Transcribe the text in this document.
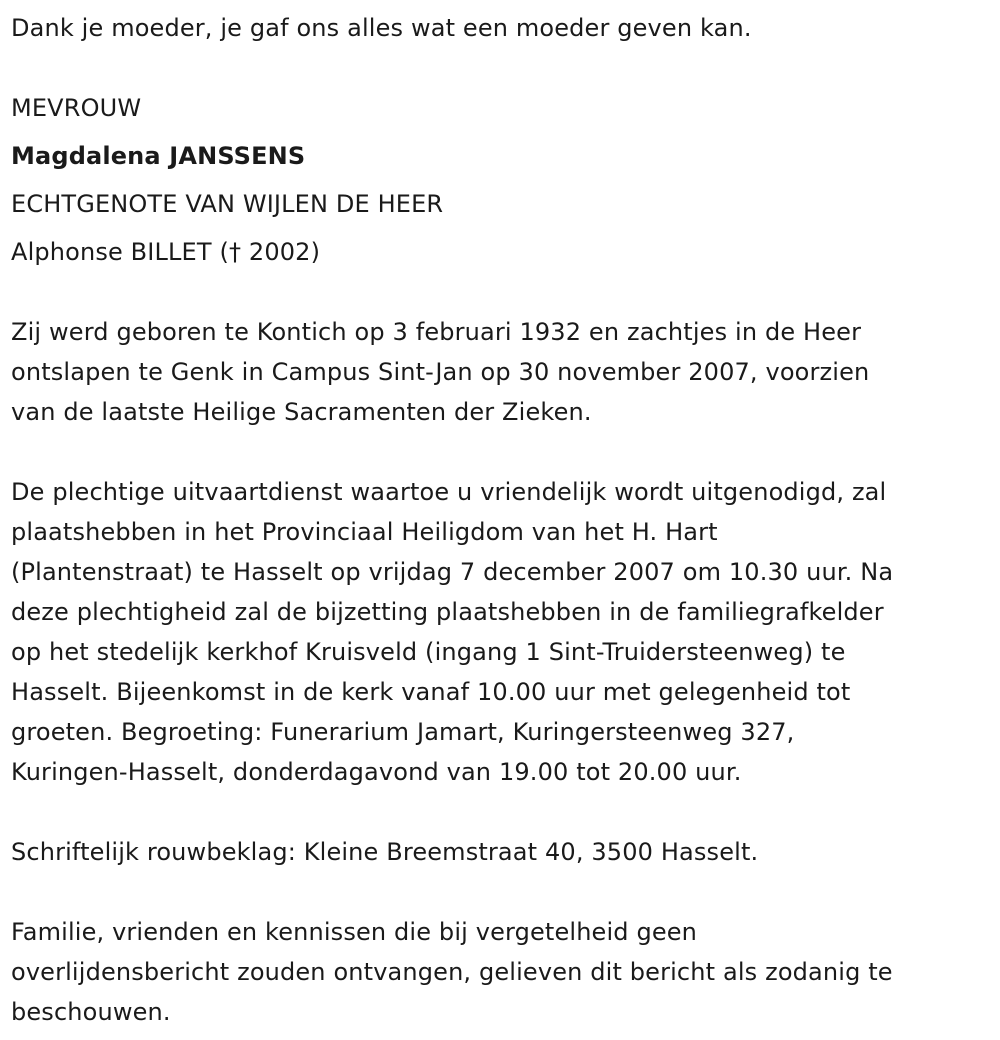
Dank je moeder, je gaf ons alles wat een moeder geven kan.

MEVROUW

Magdalena JANSSENS

ECHTGENOTE VAN WIJLEN DE HEER

Alphonse BILLET († 2002)

Zij werd geboren te Kontich op 3 februari 1932 en zachtjes in de Heer

ontslapen te Genk in Campus Sint-Jan op 30 november 2007, voorzien

van de laatste Heilige Sacramenten der Zieken.

De plechtige uitvaartdienst waartoe u vriendelijk wordt uitgenodigd, zal

plaatshebben in het Provinciaal Heiligdom van het H. Hart

(Plantenstraat) te Hasselt op vrijdag 7 december 2007 om 10.30 uur. Na

deze plechtigheid zal de bijzetting plaatshebben in de familiegrafkelder

op het stedelijk kerkhof Kruisveld (ingang 1 Sint-Truidersteenweg) te

Hasselt. Bijeenkomst in de kerk vanaf 10.00 uur met gelegenheid tot

groeten. Begroeting: Funerarium Jamart, Kuringersteenweg 327,

Kuringen-Hasselt, donderdagavond van 19.00 tot 20.00 uur.

Schriftelijk rouwbeklag: Kleine Breemstraat 40, 3500 Hasselt.

Familie, vrienden en kennissen die bij vergetelheid geen

overlijdensbericht zouden ontvangen, gelieven dit bericht als zodanig te

beschouwen.
